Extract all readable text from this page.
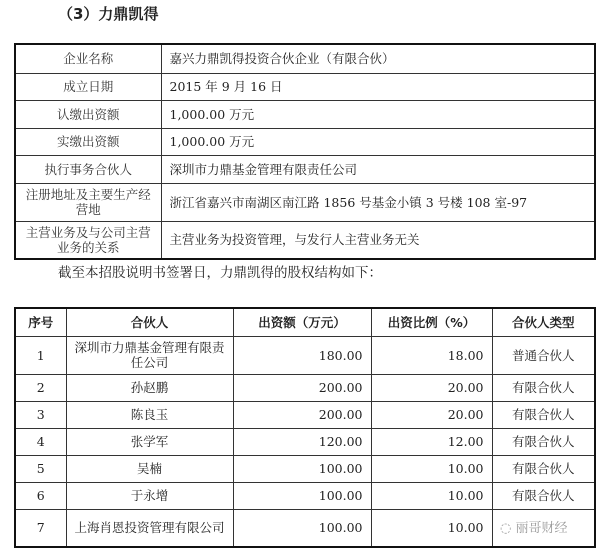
（3）力鼎凯得
企业名称	嘉兴力鼎凯得投资合伙企业（有限合伙）
成立日期	2015 年 9 月 16 日
认缴出资额	1,000.00 万元
实缴出资额	1,000.00 万元
执行事务合伙人	深圳市力鼎基金管理有限责任公司
注册地址及主要生产经营地	浙江省嘉兴市南湖区南江路 1856 号基金小镇 3 号楼 108 室-97
主营业务及与公司主营业务的关系	主营业务为投资管理，与发行人主营业务无关
截至本招股说明书签署日，力鼎凯得的股权结构如下：
序号	合伙人	出资额（万元）	出资比例（%）	合伙人类型
1	深圳市力鼎基金管理有限责任公司	180.00	18.00	普通合伙人
2	孙赵鹏	200.00	20.00	有限合伙人
3	陈良玉	200.00	20.00	有限合伙人
4	张学军	120.00	12.00	有限合伙人
5	吴楠	100.00	10.00	有限合伙人
6	于永增	100.00	10.00	有限合伙人
7	上海肖恩投资管理有限公司	100.00	10.00	◌ 丽哥财经
